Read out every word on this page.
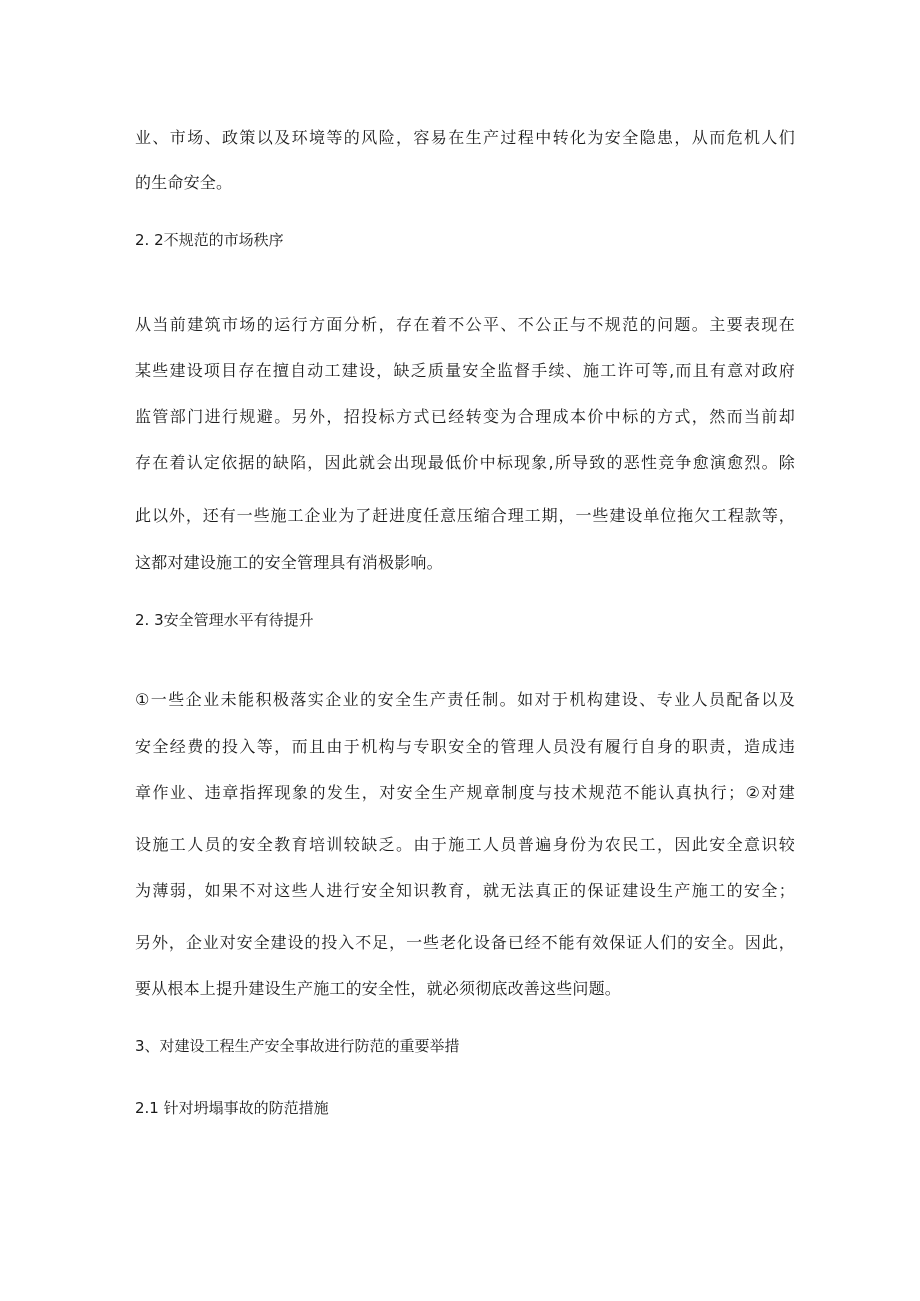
业、市场、政策以及环境等的风险，容易在生产过程中转化为安全隐患，从而危机人们
的生命安全。
2. 2不规范的市场秩序
从当前建筑市场的运行方面分析，存在着不公平、不公正与不规范的问题。主要表现在
某些建设项目存在擅自动工建设，缺乏质量安全监督手续、施工许可等,而且有意对政府
监管部门进行规避。另外，招投标方式已经转变为合理成本价中标的方式，然而当前却
存在着认定依据的缺陷，因此就会出现最低价中标现象,所导致的恶性竞争愈演愈烈。除
此以外，还有一些施工企业为了赶进度任意压缩合理工期，一些建设单位拖欠工程款等，
这都对建设施工的安全管理具有消极影响。
2. 3安全管理水平有待提升
①一些企业未能积极落实企业的安全生产责任制。如对于机构建设、专业人员配备以及
安全经费的投入等，而且由于机构与专职安全的管理人员没有履行自身的职责，造成违
章作业、违章指挥现象的发生，对安全生产规章制度与技术规范不能认真执行；②对建
设施工人员的安全教育培训较缺乏。由于施工人员普遍身份为农民工，因此安全意识较
为薄弱，如果不对这些人进行安全知识教育，就无法真正的保证建设生产施工的安全；
另外，企业对安全建设的投入不足，一些老化设备已经不能有效保证人们的安全。因此，
要从根本上提升建设生产施工的安全性，就必须彻底改善这些问题。
3、对建设工程生产安全事故进行防范的重要举措
2.1 针对坍塌事故的防范措施
